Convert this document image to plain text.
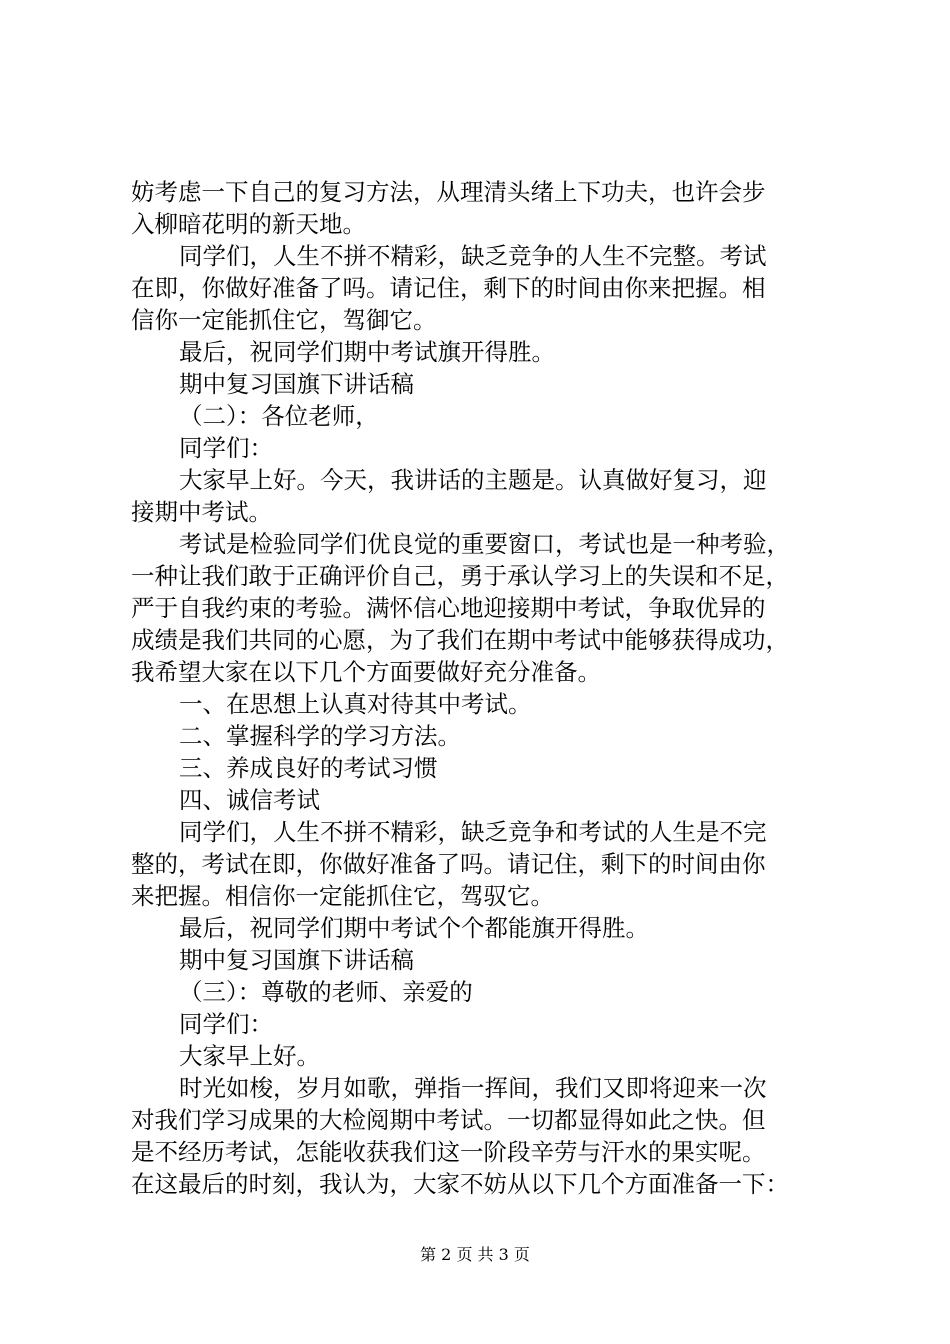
妨考虑一下自己的复习方法，从理清头绪上下功夫，也许会步
入柳暗花明的新天地。
同学们，人生不拼不精彩，缺乏竞争的人生不完整。考试
在即，你做好准备了吗。请记住，剩下的时间由你来把握。相
信你一定能抓住它，驾御它。
最后，祝同学们期中考试旗开得胜。
期中复习国旗下讲话稿
（二）：各位老师，
同学们：
大家早上好。今天，我讲话的主题是。认真做好复习，迎
接期中考试。
考试是检验同学们优良觉的重要窗口，考试也是一种考验，
一种让我们敢于正确评价自己，勇于承认学习上的失误和不足，
严于自我约束的考验。满怀信心地迎接期中考试，争取优异的
成绩是我们共同的心愿，为了我们在期中考试中能够获得成功，
我希望大家在以下几个方面要做好充分准备。
一、在思想上认真对待其中考试。
二、掌握科学的学习方法。
三、养成良好的考试习惯
四、诚信考试
同学们，人生不拼不精彩，缺乏竞争和考试的人生是不完
整的，考试在即，你做好准备了吗。请记住，剩下的时间由你
来把握。相信你一定能抓住它，驾驭它。
最后，祝同学们期中考试个个都能旗开得胜。
期中复习国旗下讲话稿
（三）：尊敬的老师、亲爱的
同学们：
大家早上好。
时光如梭，岁月如歌，弹指一挥间，我们又即将迎来一次
对我们学习成果的大检阅期中考试。一切都显得如此之快。但
是不经历考试，怎能收获我们这一阶段辛劳与汗水的果实呢。
在这最后的时刻，我认为，大家不妨从以下几个方面准备一下：
第 2 页 共 3 页
